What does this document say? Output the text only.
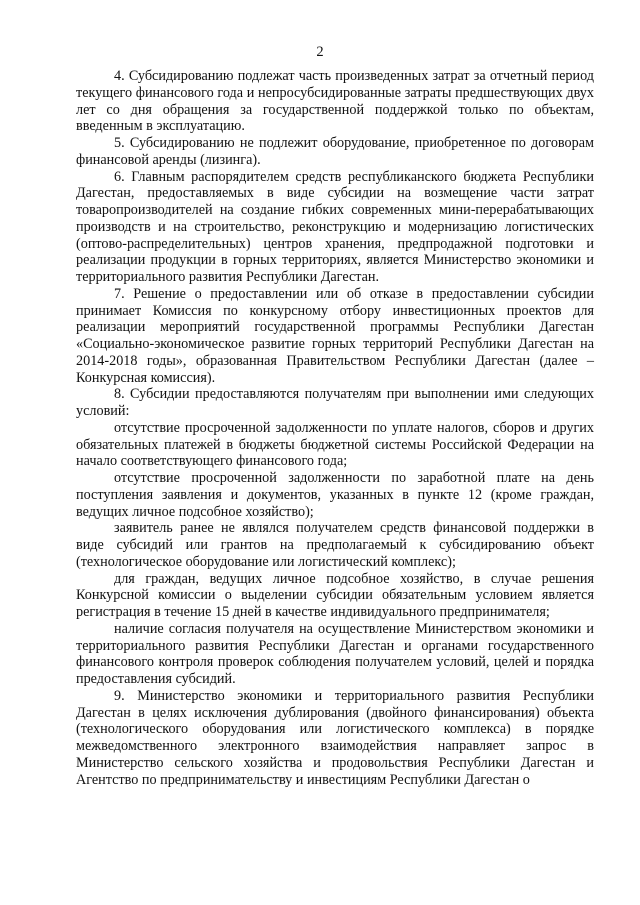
2

4. Субсидированию подлежат часть произведенных затрат за отчетный период текущего финансового года и непросубсидированные затраты предшествующих двух лет со дня обращения за государственной поддержкой только по объектам, введенным в эксплуатацию.

5. Субсидированию не подлежит оборудование, приобретенное по договорам финансовой аренды (лизинга).

6. Главным распорядителем средств республиканского бюджета Республики Дагестан, предоставляемых в виде субсидии на возмещение части затрат товаропроизводителей на создание гибких современных мини-перерабатывающих производств и на строительство, реконструкцию и модернизацию логистических (оптово-распределительных) центров хранения, предпродажной подготовки и реализации продукции в горных территориях, является Министерство экономики и территориального развития Республики Дагестан.

7. Решение о предоставлении или об отказе в предоставлении субсидии принимает Комиссия по конкурсному отбору инвестиционных проектов для реализации мероприятий государственной программы Республики Дагестан «Социально-экономическое развитие горных территорий Республики Дагестан на 2014-2018 годы», образованная Правительством Республики Дагестан (далее – Конкурсная комиссия).

8. Субсидии предоставляются получателям при выполнении ими следующих условий:

отсутствие просроченной задолженности по уплате налогов, сборов и других обязательных платежей в бюджеты бюджетной системы Российской Федерации на начало соответствующего финансового года;

отсутствие просроченной задолженности по заработной плате на день поступления заявления и документов, указанных в пункте 12 (кроме граждан, ведущих личное подсобное хозяйство);

заявитель ранее не являлся получателем средств финансовой поддержки в виде субсидий или грантов на предполагаемый к субсидированию объект (технологическое оборудование или логистический комплекс);

для граждан, ведущих личное подсобное хозяйство, в случае решения Конкурсной комиссии о выделении субсидии обязательным условием является регистрация в течение 15 дней в качестве индивидуального предпринимателя;

наличие согласия получателя на осуществление Министерством экономики и территориального развития Республики Дагестан и органами государственного финансового контроля проверок соблюдения получателем условий, целей и порядка предоставления субсидий.

9. Министерство экономики и территориального развития Республики Дагестан в целях исключения дублирования (двойного финансирования) объекта (технологического оборудования или логистического комплекса) в порядке межведомственного электронного взаимодействия направляет запрос в Министерство сельского хозяйства и продовольствия Республики Дагестан и Агентство по предпринимательству и инвестициям Республики Дагестан о
